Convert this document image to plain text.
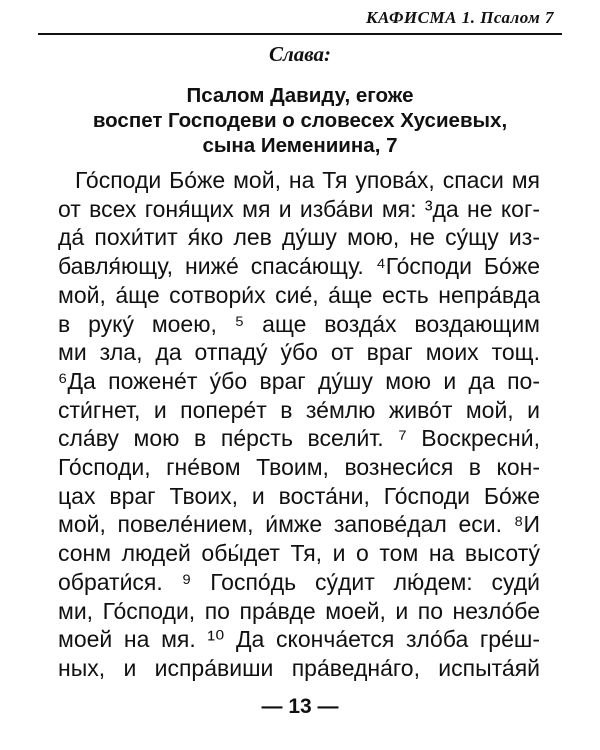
КАФИСМА 1. Псалом 7
Слава:
Псалом Давиду, егоже
воспет Господеви о словесех Хусиевых,
сына Иемениина, 7
Го́споди Бо́же мой, на Тя упова́х, спаси мя
от всех гоня́щих мя и изба́ви мя: ³да не ког-
да́ похи́тит я́ко лев ду́шу мою, не су́щу из-
бавля́ющу, ниже́ спаса́ющу. ⁴Го́споди Бо́же
мой, а́ще сотвори́х сие́, а́ще есть непра́вда
в руку́ моею, ⁵ аще возда́х воздающим
ми зла, да отпаду́ у́бо от враг моих тощ.
⁶Да пожене́т у́бо враг ду́шу мою и да по-
сти́гнет, и попере́т в зе́млю живо́т мой, и
сла́ву мою в пе́рсть всели́т. ⁷ Воскресни́,
Го́споди, гне́вом Твоим, вознеси́ся в кон-
цах враг Твоих, и воста́ни, Го́споди Бо́же
мой, повеле́нием, и́мже запове́дал еси. ⁸И
сонм людей обы́дет Тя, и о том на высоту́
обрати́ся. ⁹ Госпо́дь су́дит лю́дем: суди́
ми, Го́споди, по пра́вде моей, и по незло́бе
моей на мя. ¹⁰ Да сконча́ется зло́ба гре́ш-
ных, и испра́виши пра́ведна́го, испыта́яй
— 13 —
